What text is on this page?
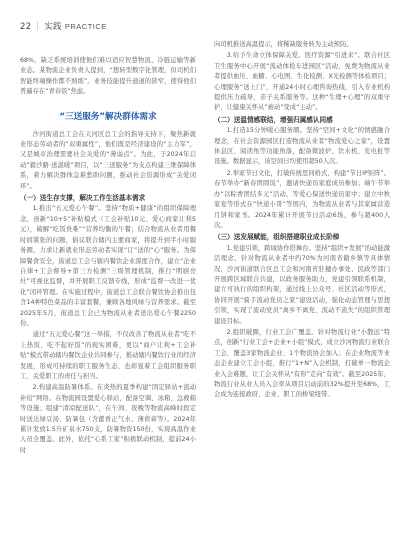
22 ｜ 实践 PRACTICE

68%，缺乏系统培训使他们难以适应智慧物流、冷链运输等新业态。某物流企业负责人提到，“想转型数字化管理，但司机们智能终端操作都不熟练”。业务技能提升通道的狭窄，使得他们普遍存在“青春饭”焦虑。

“三送服务”解决群体需求

沙河街道总工会在天河区总工会的指导支持下，聚焦新就业形态劳动者的“双重属性”，他们既是经济建设的“主力军”，又是城市治理需要社会关爱的“薄弱点”。为此，于2024年启动“毅沙路·送温暖”项目，以“三送服务”为支点构建三维保障体系，着力解决群体急难愁盼问题，推动社会资源形成“关爱闭环”。

（一）送生存支撑，解决工作生活基本需求

1.推出“五元爱心午餐”。坚持“物质+健康”的组织保障理念，创新“10+5”补贴模式（工会补贴10元、爱心商家让利5元），破解“吃饭贵难”“营养均衡的午餐；结合物流从业者用餐时间紧张的问题，倡议联合辖内主要商家，将提升到半小时服务圈，力求让新就业形态劳动者实现“订”送的“心”服务。为保障餐食安全，街道总工会与辖内餐饮企业深度合作，建立“企业自律+工会督导+第三方检测”三级管理机制，推行“明厨亮灶”可视化监督，并开展职工反馈专线，形成“监督一改进一优化”闭环管理。在实施过程中，街道总工会联合餐饮协会推出包含14种特色菜品的丰富套餐，兼顾各地风味与营养需求。截至2025年5月，街道总工会已为物流从业者送出爱心午餐2250份。

通过“五元爱心餐”这一举措，不仅改善了物流从业者“吃不上热饭、吃不起好饭”的现实困难，更以“商户让利+工会补贴”模式带动辖内餐饮企业共同参与，推动辖内餐饮行业的经济发展，形成可持续的职工服务生态，也彰显着工会组织服务职工、关爱职工的责任与担当。

2.构建高温防暑体系。在炎热的夏季构建“固定驿站+流动补给”网络。在物流园设置爱心驿站，配备空调、冰箱、急救箱等设施；组建“清凉配送队”，在午间、夜晚等物流高峰时段定时送达绿豆汤、防暑包（含藿香正气水、薄荷膏等）。2024年累计发放1.5升矿泉水750支，防暑物资150份，实现高温作业人员全覆盖。此外，依托“心系工家”积极联动机制，提前24小时

向司机推送高温提示，将稀缺服务转为主动预防。

3.给予生命立体保障关爱。医疗资源“引进来”。联合社区卫生服务中心开展“流动体检车进园区”活动，免费为物流从业者提供血压、血糖、心电图、生化检测、X光检测等体检项目；心理服务“送上门”，开通24小时心理咨询热线，引入专业机构提供压力疏导、亲子关系服务等。这种“生理+心理”的双重守护，让健康关怀从“被动”变成“主动”。

（二）送温情感联结，增强归属感认同感

1.打造15分钟暖心服务圈。坚持“空间+文化”的情感融合理念，在社会资源园区打造物流从业者“物流爱心之家”，设置休息区、阅读角等功能角落，配备微波炉、饮水机、充电桩等设施。数据显示，该空间日均使用超50人次。

2.举家节日文化，打破传统思同格式，构建“节日IP矩阵”。春节举办“新春团圆饭”，邀请快递员家庭成员参加；端午节举办“以粽香团结多元”活动，等爱心保送快递员家中；建立中秋家宴等形式在“快递小哥”等国内，为物流从业者与其家属营造月饼和家书。2024年累计开展节日活动6场，参与超400人次。

（三）送发展赋能，组织搭建职业成长阶梯

1.党建引领，跨域协作搭舞台。坚持“组织+发展”的动能激活理念，针对物流从业者中约70%为河南省籍乡镇等具体情况，沙河街道联合区总工会和河南省驻穗办事处、民政等部门开展跨区域联合共建，以政务服务助力，党建引领联系机制，建立可执行的组织构架，通过线上公众号、社区活动等形式，协同开展“骑手流动党员之家”建设活动，强化动态管理与思想引领，实现了流动党员“离乡不离党、流动不流失”的组织管理建设目标。

2.组织破圈，行业工会广覆盖。针对物流行业“小散远”特点，创新“行业工会+企业+小组”模式，成立沙河物流行业联合工会，覆盖3家物流企业、1个物流协会加入；在企业物流等业态企业建立工会小组，推行“1+N”入会机制，打破单一物流企业入会难题，让工会关怀从“有形”走向“有效”。截至2025年，物流行业从业人员入会率从项目启动前的32%提升至68%，工会成为连接政府、企业、职工的桥梁纽带。
